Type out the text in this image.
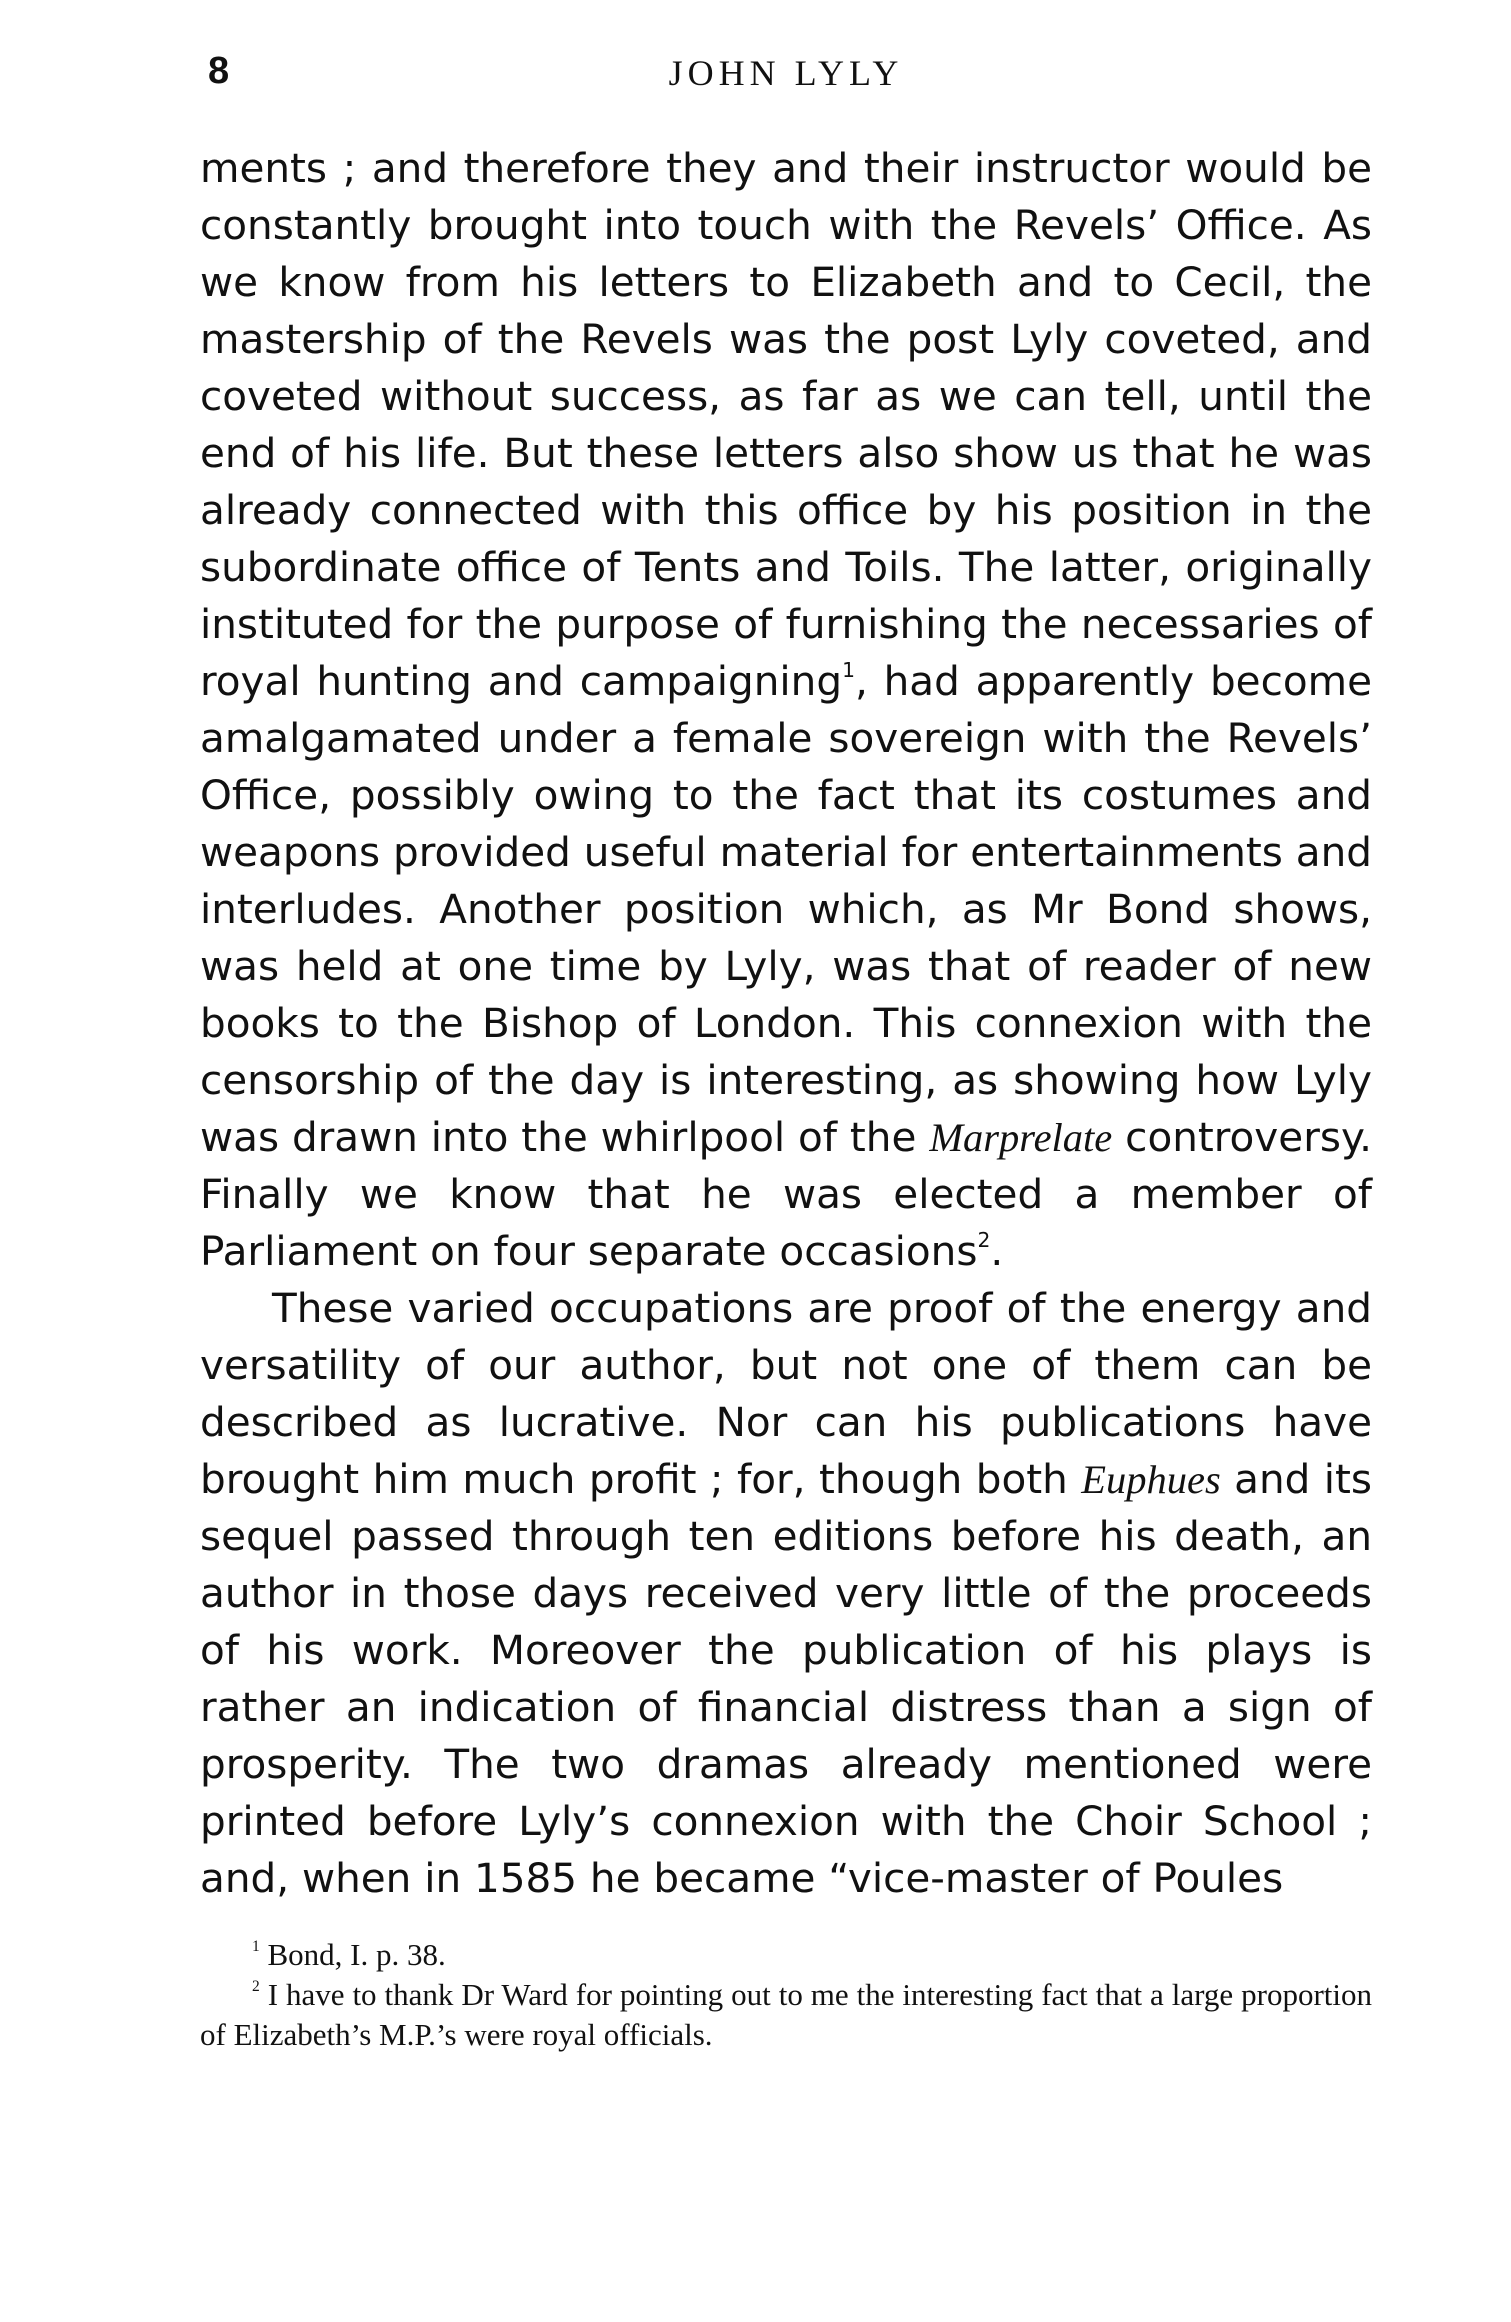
8	JOHN LYLY

ments ; and therefore they and their instructor would be constantly brought into touch with the Revels’ Office. As we know from his letters to Elizabeth and to Cecil, the mastership of the Revels was the post Lyly coveted, and coveted without success, as far as we can tell, until the end of his life. But these letters also show us that he was already connected with this office by his position in the subordinate office of Tents and Toils. The latter, originally instituted for the purpose of furnishing the necessaries of royal hunting and campaigning$^1$, had apparently become amalgamated under a female sovereign with the Revels’ Office, possibly owing to the fact that its costumes and weapons provided useful material for entertainments and interludes. Another position which, as Mr Bond shows, was held at one time by Lyly, was that of reader of new books to the Bishop of London. This connexion with the censorship of the day is interesting, as showing how Lyly was drawn into the whirlpool of the Marprelate controversy. Finally we know that he was elected a member of Parliament on four separate occasions$^2$.

These varied occupations are proof of the energy and versatility of our author, but not one of them can be described as lucrative. Nor can his publications have brought him much profit ; for, though both Euphues and its sequel passed through ten editions before his death, an author in those days received very little of the proceeds of his work. Moreover the publication of his plays is rather an indication of financial distress than a sign of prosperity. The two dramas already mentioned were printed before Lyly’s connexion with the Choir School ; and, when in 1585 he became “vice-master of Poules

$^1$ Bond, I. p. 38.

$^2$ I have to thank Dr Ward for pointing out to me the interesting fact that a large proportion of Elizabeth’s M.P.’s were royal officials.
